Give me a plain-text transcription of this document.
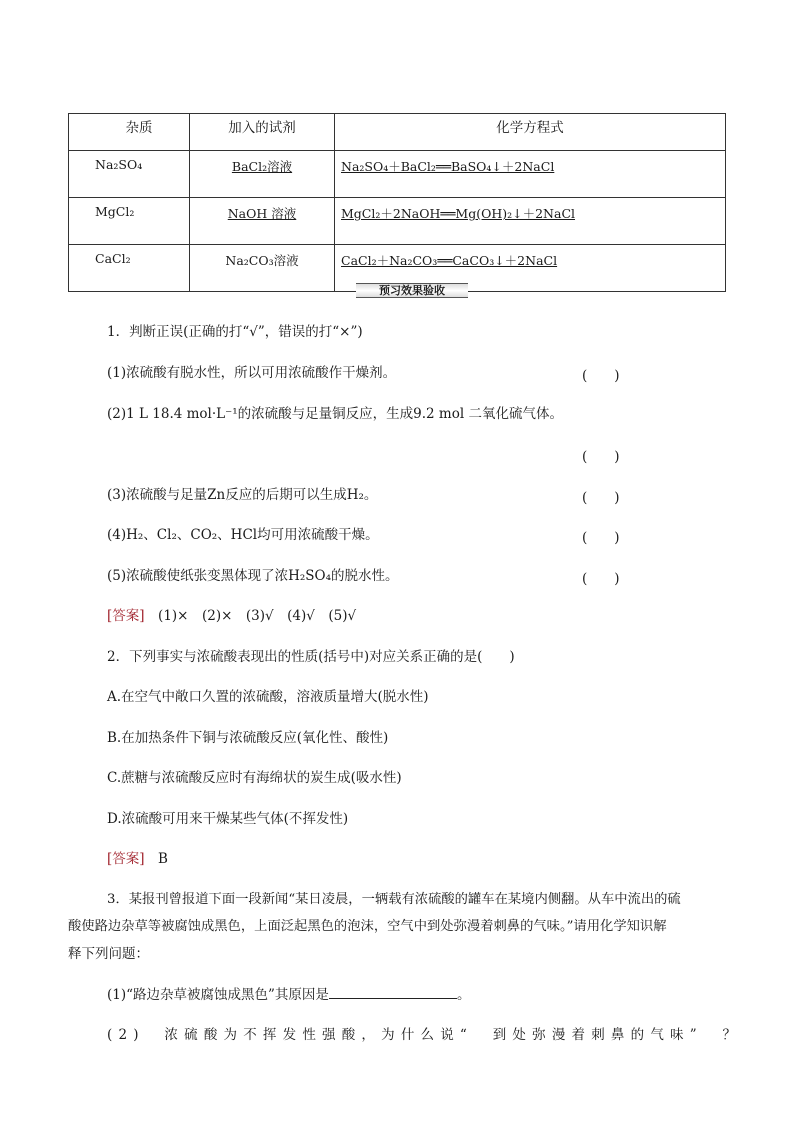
杂质	加入的试剂	化学方程式
Na₂SO₄	BaCl₂溶液	Na₂SO₄＋BaCl₂══BaSO₄↓＋2NaCl
MgCl₂	NaOH 溶液	MgCl₂＋2NaOH══Mg(OH)₂↓＋2NaCl
CaCl₂	Na₂CO₃溶液	CaCl₂＋Na₂CO₃══CaCO₃↓＋2NaCl
预习效果验收
1．判断正误(正确的打“√”，错误的打“×”)
(1)浓硫酸有脱水性，所以可用浓硫酸作干燥剂。	(　　)
(2)1 L 18.4 mol·L⁻¹的浓硫酸与足量铜反应，生成9.2 mol 二氧化硫气体。
(　　)
(3)浓硫酸与足量Zn反应的后期可以生成H₂。	(　　)
(4)H₂、Cl₂、CO₂、HCl均可用浓硫酸干燥。	(　　)
(5)浓硫酸使纸张变黑体现了浓H₂SO₄的脱水性。	(　　)
[答案]　 (1)×　(2)×　(3)√　(4)√　(5)√
2．下列事实与浓硫酸表现出的性质(括号中)对应关系正确的是(　　)
A.在空气中敞口久置的浓硫酸，溶液质量增大(脱水性)
B.在加热条件下铜与浓硫酸反应(氧化性、酸性)
C.蔗糖与浓硫酸反应时有海绵状的炭生成(吸水性)
D.浓硫酸可用来干燥某些气体(不挥发性)
[答案]　 B
3．某报刊曾报道下面一段新闻“某日凌晨，一辆载有浓硫酸的罐车在某境内侧翻。从车中流出的硫
酸使路边杂草等被腐蚀成黑色，上面泛起黑色的泡沫，空气中到处弥漫着刺鼻的气味。”请用化学知识解
释下列问题：
(1)“路边杂草被腐蚀成黑色”其原因是	。
(2)　浓硫酸为不挥发性强酸，为什么说“　到处弥漫着刺鼻的气味”　？
